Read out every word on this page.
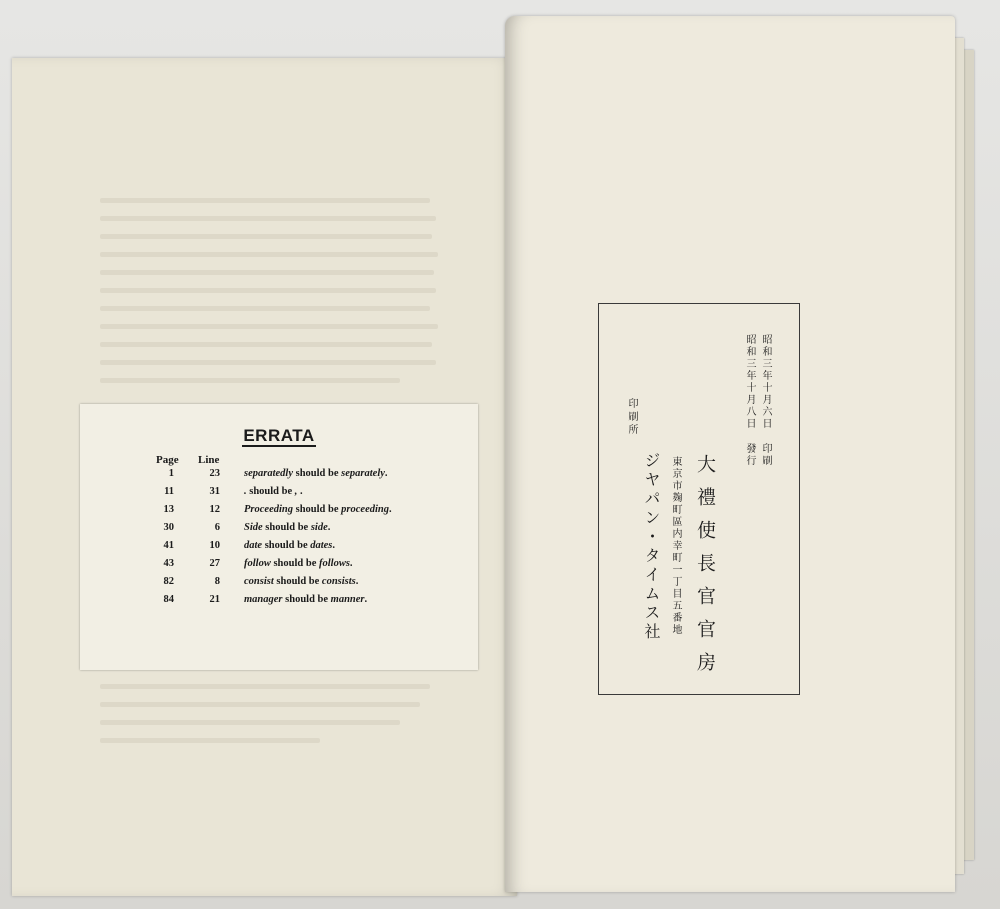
ERRATA
Page Line
1	23 separatedly should be separately.
11	31 . should be , .
13	12 Proceeding should be proceeding.
30	6 Side should be side.
41	10 date should be dates.
43	27 follow should be follows.
82	8 consist should be consists.
84	21 manager should be manner.
昭和三年十月六日 印刷
昭和三年十月八日 發行
大禮使長官官房
東京市麹町區内幸町一丁目五番地
印刷所
ジヤパン・タイムス社
